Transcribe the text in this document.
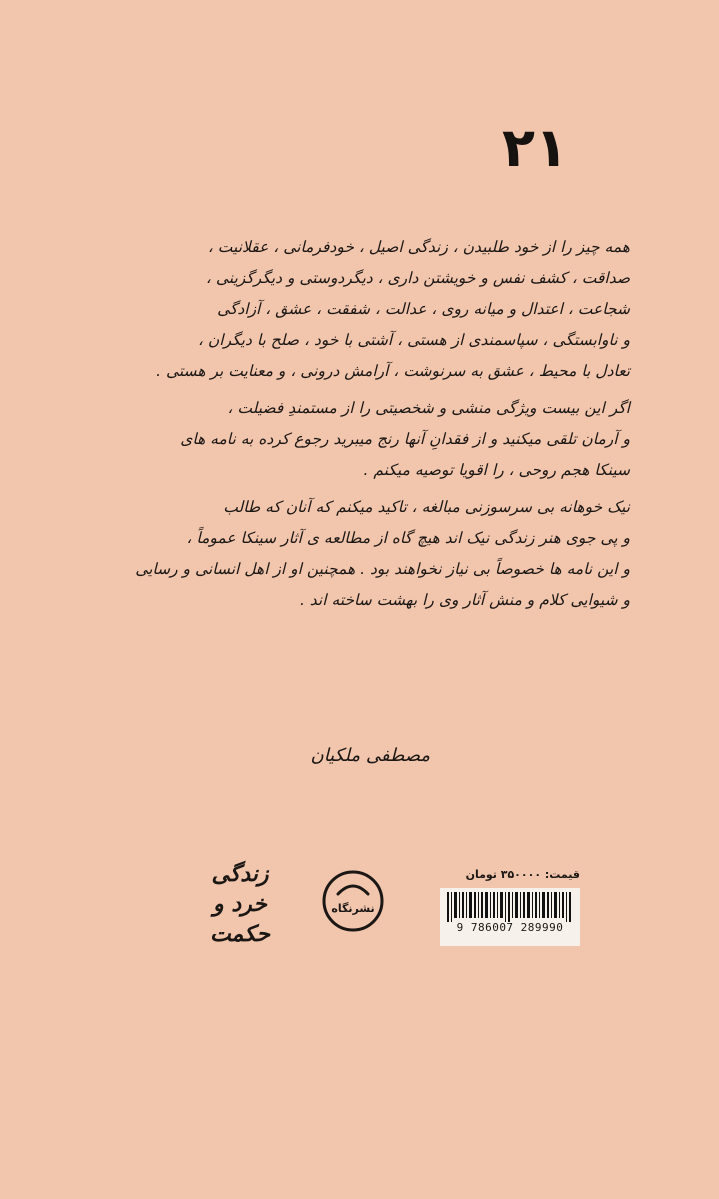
۲۱

همه چیز را از خود طلبیدن ، زندگی اصیل ، خودفرمانی ، عقلانیت ،

صداقت ، کشف نفس و خویشتن داری ، دیگردوستی و دیگرگزینی ،

شجاعت ، اعتدال و میانه روی ، عدالت ، شفقت ، عشق ، آزادگی

و ناوابستگی ، سپاسمندی از هستی ، آشتی با خود ، صلح با دیگران ،

تعادل با محیط ، عشق به سرنوشت ، آرامش درونی ، و معنایت بر هستی .

اگر این بیست ویژگی منشی و شخصیتی را از مستمندِ فضیلت ،

و آرمان تلقی میکنید و از فقدانِ آنها رنج میبرید رجوع کرده به نامه های

سینکا هجم روحی ، را اقویا توصیه میکنم .

نیک خوهانه بی سرسوزنی مبالغه ، تاکید میکنم که آنان که طالب

و پی جوی هنر زندگی نیک اند هیچ گاه از مطالعه ی آثار سینکا عموماً ،

و این نامه ها خصوصاً بی نیاز نخواهند بود . همچنین او از اهل انسانی و رسایی

و شیوایی کلام و منش آثار وی را بهشت ساخته اند .

مصطفی ملکیان
زندگی
خرد و حکمت
نشرنگاه
قیمت: ۳۵۰۰۰۰ تومان
9 786007 289990
